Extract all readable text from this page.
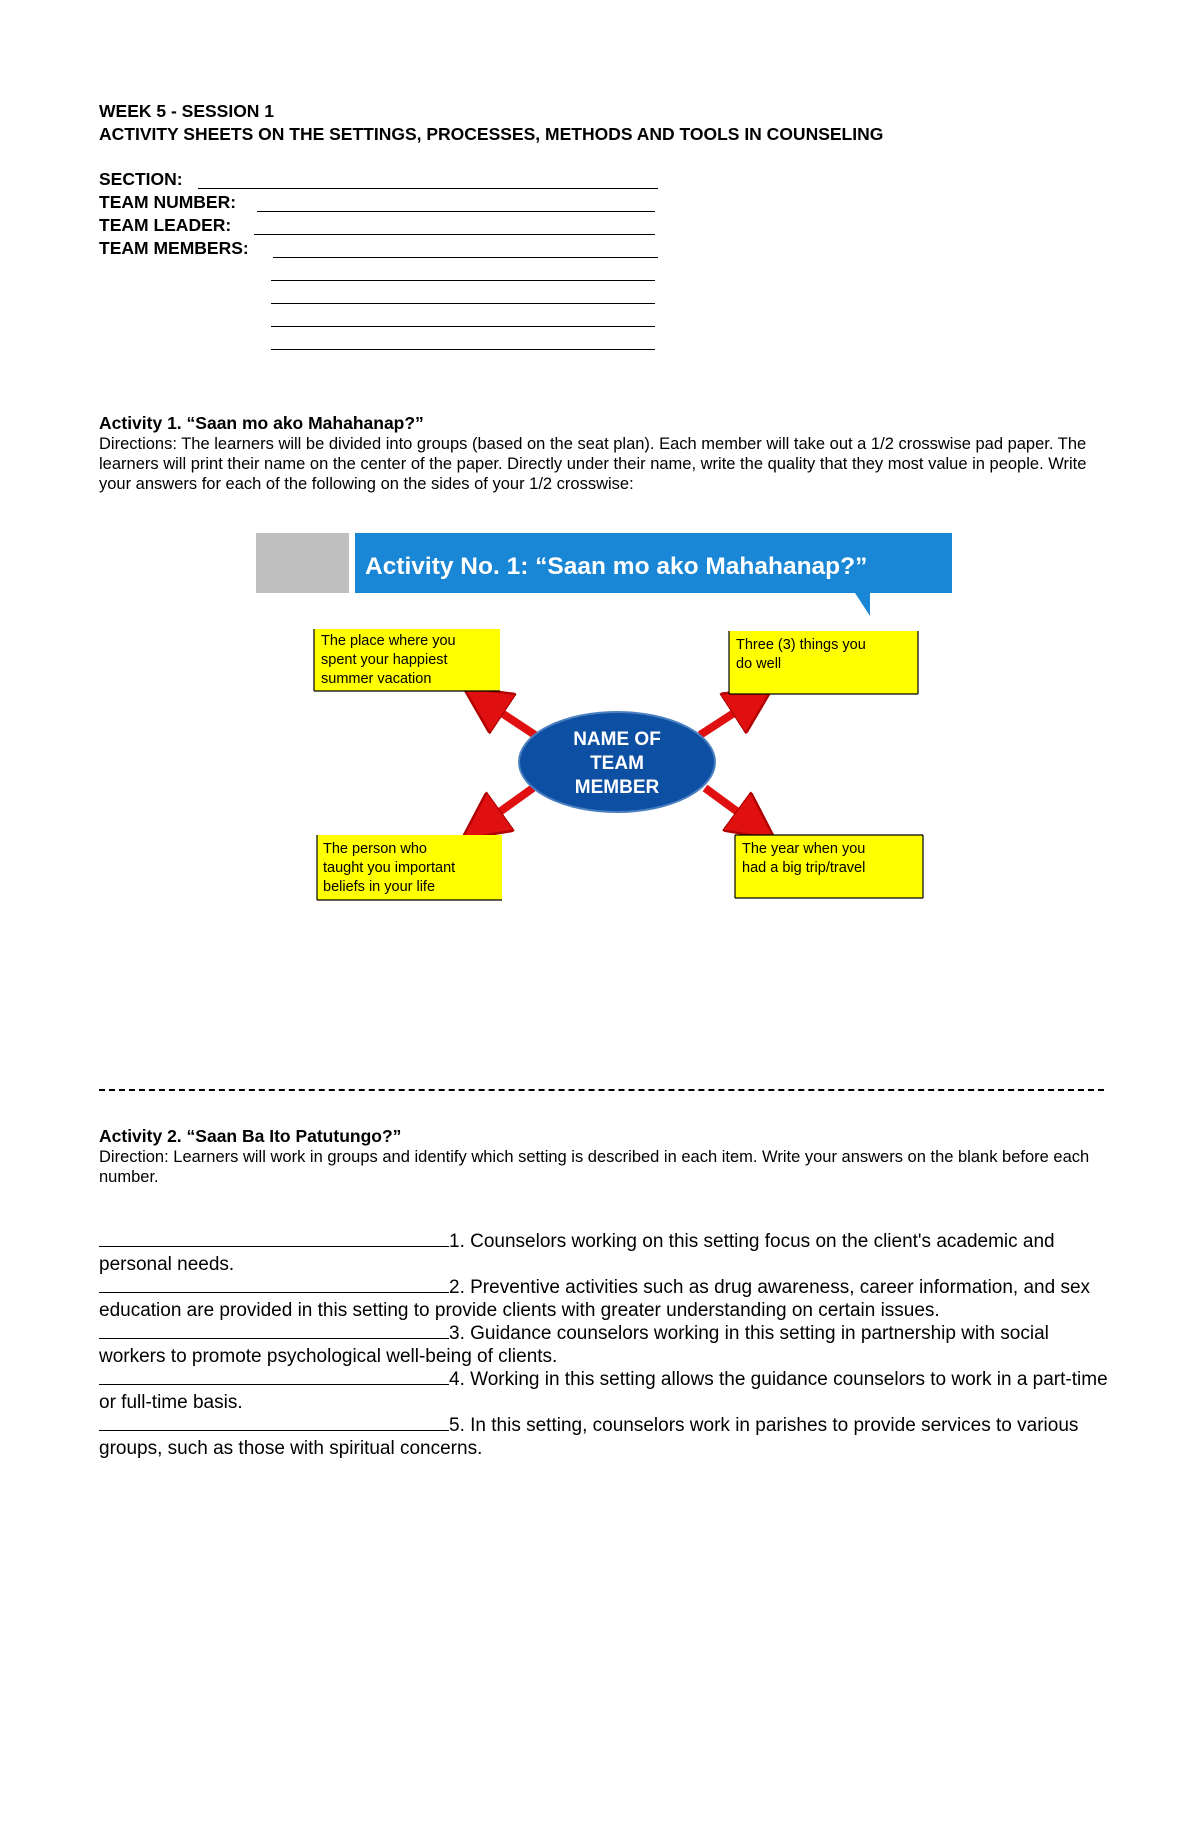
WEEK 5 - SESSION 1
ACTIVITY SHEETS ON THE SETTINGS, PROCESSES, METHODS AND TOOLS IN COUNSELING
SECTION:
TEAM NUMBER:
TEAM LEADER:
TEAM MEMBERS:
Activity 1. “Saan mo ako Mahahanap?”
Directions: The learners will be divided into groups (based on the seat plan). Each member will take out a 1/2 crosswise pad paper. The learners will print their name on the center of the paper. Directly under their name, write the quality that they most value in people. Write your answers for each of the following on the sides of your 1/2 crosswise:
Activity No. 1: “Saan mo ako Mahahanap?”
NAME OF
TEAM
MEMBER
The place where you
spent your happiest
summer vacation
Three (3) things you
do well
The person who
taught you important
beliefs in your life
The year when you
had a big trip/travel
Activity 2. “Saan Ba Ito Patutungo?”
Direction: Learners will work in groups and identify which setting is described in each item. Write your answers on the blank before each number.
1. Counselors working on this setting focus on the client's academic and personal needs.
2. Preventive activities such as drug awareness, career information, and sex education are provided in this setting to provide clients with greater understanding on certain issues.
3. Guidance counselors working in this setting in partnership with social workers to promote psychological well-being of clients.
4. Working in this setting allows the guidance counselors to work in a part-time or full-time basis.
5. In this setting, counselors work in parishes to provide services to various groups, such as those with spiritual concerns.
